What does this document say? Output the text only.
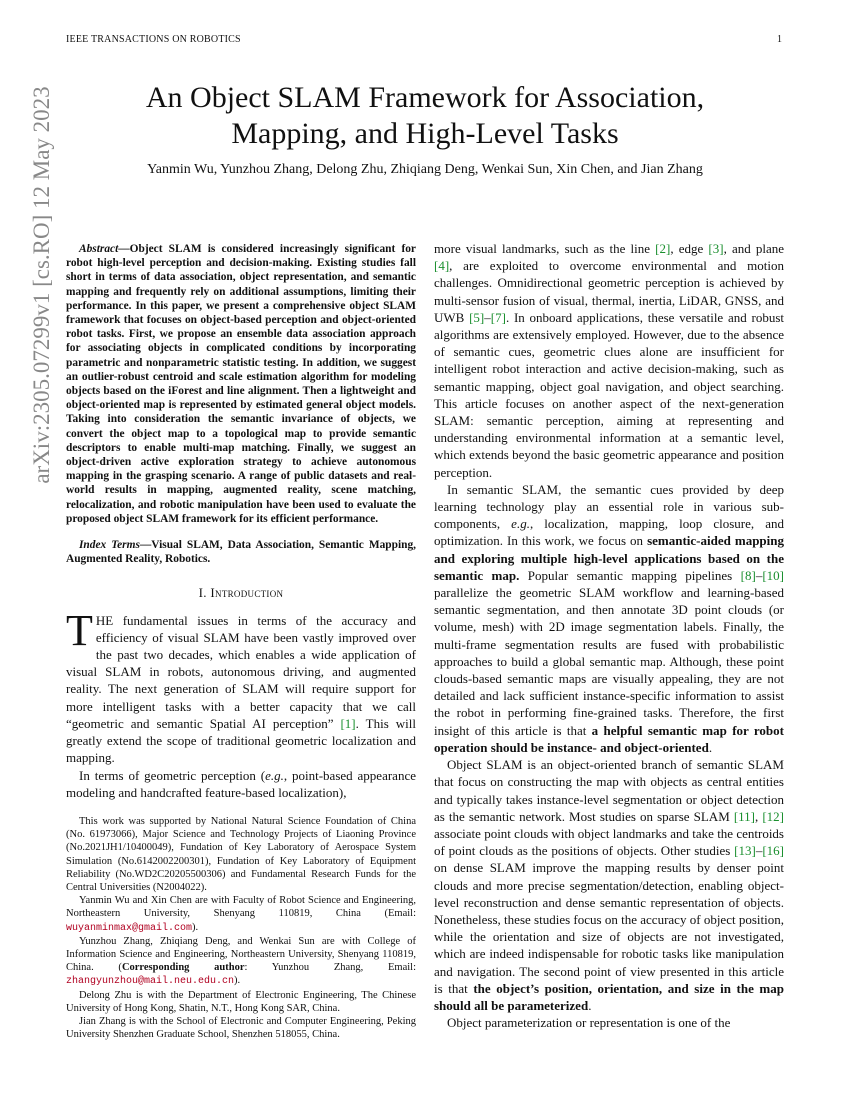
IEEE TRANSACTIONS ON ROBOTICS	1
arXiv:2305.07299v1 [cs.RO] 12 May 2023	An Object SLAM Framework for Association,
Mapping, and High-Level Tasks
Yanmin Wu, Yunzhou Zhang, Delong Zhu, Zhiqiang Deng, Wenkai Sun, Xin Chen, and Jian Zhang

Abstract—Object SLAM is considered increasingly significant for robot high-level perception and decision-making. Existing studies fall short in terms of data association, object representation, and semantic mapping and frequently rely on additional assumptions, limiting their performance. In this paper, we present a comprehensive object SLAM framework that focuses on object-based perception and object-oriented robot tasks. First, we propose an ensemble data association approach for associating objects in complicated conditions by incorporating parametric and nonparametric statistic testing. In addition, we suggest an outlier-robust centroid and scale estimation algorithm for modeling objects based on the iForest and line alignment. Then a lightweight and object-oriented map is represented by estimated general object models. Taking into consideration the semantic invariance of objects, we convert the object map to a topological map to provide semantic descriptors to enable multi-map matching. Finally, we suggest an object-driven active exploration strategy to achieve autonomous mapping in the grasping scenario. A range of public datasets and real-world results in mapping, augmented reality, scene matching, relocalization, and robotic manipulation have been used to evaluate the proposed object SLAM framework for its efficient performance.

Index Terms—Visual SLAM, Data Association, Semantic Mapping, Augmented Reality, Robotics.

I. Introduction

THE fundamental issues in terms of the accuracy and efficiency of visual SLAM have been vastly improved over the past two decades, which enables a wide application of visual SLAM in robots, autonomous driving, and augmented reality. The next generation of SLAM will require support for more intelligent tasks with a better capacity that we call “geometric and semantic Spatial AI perception” [1]. This will greatly extend the scope of traditional geometric localization and mapping.

In terms of geometric perception (e.g., point-based appearance modeling and handcrafted feature-based localization),

This work was supported by National Natural Science Foundation of China (No. 61973066), Major Science and Technology Projects of Liaoning Province (No.2021JH1/10400049), Fundation of Key Laboratory of Aerospace System Simulation (No.6142002200301), Fundation of Key Laboratory of Equipment Reliability (No.WD2C20205500306) and Fundamental Research Funds for the Central Universities (N2004022).

Yanmin Wu and Xin Chen are with Faculty of Robot Science and Engineering, Northeastern University, Shenyang 110819, China (Email: wuyanminmax@gmail.com).

Yunzhou Zhang, Zhiqiang Deng, and Wenkai Sun are with College of Information Science and Engineering, Northeastern University, Shenyang 110819, China. (Corresponding author: Yunzhou Zhang, Email: zhangyunzhou@mail.neu.edu.cn).

Delong Zhu is with the Department of Electronic Engineering, The Chinese University of Hong Kong, Shatin, N.T., Hong Kong SAR, China.

Jian Zhang is with the School of Electronic and Computer Engineering, Peking University Shenzhen Graduate School, Shenzhen 518055, China.

more visual landmarks, such as the line [2], edge [3], and plane [4], are exploited to overcome environmental and motion challenges. Omnidirectional geometric perception is achieved by multi-sensor fusion of visual, thermal, inertia, LiDAR, GNSS, and UWB [5]–[7]. In onboard applications, these versatile and robust algorithms are extensively employed. However, due to the absence of semantic cues, geometric clues alone are insufficient for intelligent robot interaction and active decision-making, such as semantic mapping, object goal navigation, and object searching. This article focuses on another aspect of the next-generation SLAM: semantic perception, aiming at representing and understanding environmental information at a semantic level, which extends beyond the basic geometric appearance and position perception.

In semantic SLAM, the semantic cues provided by deep learning technology play an essential role in various sub-components, e.g., localization, mapping, loop closure, and optimization. In this work, we focus on semantic-aided mapping and exploring multiple high-level applications based on the semantic map. Popular semantic mapping pipelines [8]–[10] parallelize the geometric SLAM workflow and learning-based semantic segmentation, and then annotate 3D point clouds (or volume, mesh) with 2D image segmentation labels. Finally, the multi-frame segmentation results are fused with probabilistic approaches to build a global semantic map. Although, these point clouds-based semantic maps are visually appealing, they are not detailed and lack sufficient instance-specific information to assist the robot in performing fine-grained tasks. Therefore, the first insight of this article is that a helpful semantic map for robot operation should be instance- and object-oriented.

Object SLAM is an object-oriented branch of semantic SLAM that focus on constructing the map with objects as central entities and typically takes instance-level segmentation or object detection as the semantic network. Most studies on sparse SLAM [11], [12] associate point clouds with object landmarks and take the centroids of point clouds as the positions of objects. Other studies [13]–[16] on dense SLAM improve the mapping results by denser point clouds and more precise segmentation/detection, enabling object-level reconstruction and dense semantic representation of objects. Nonetheless, these studies focus on the accuracy of object position, while the orientation and size of objects are not investigated, which are indeed indispensable for robotic tasks like manipulation and navigation. The second point of view presented in this article is that the object’s position, orientation, and size in the map should all be parameterized.

Object parameterization or representation is one of the
